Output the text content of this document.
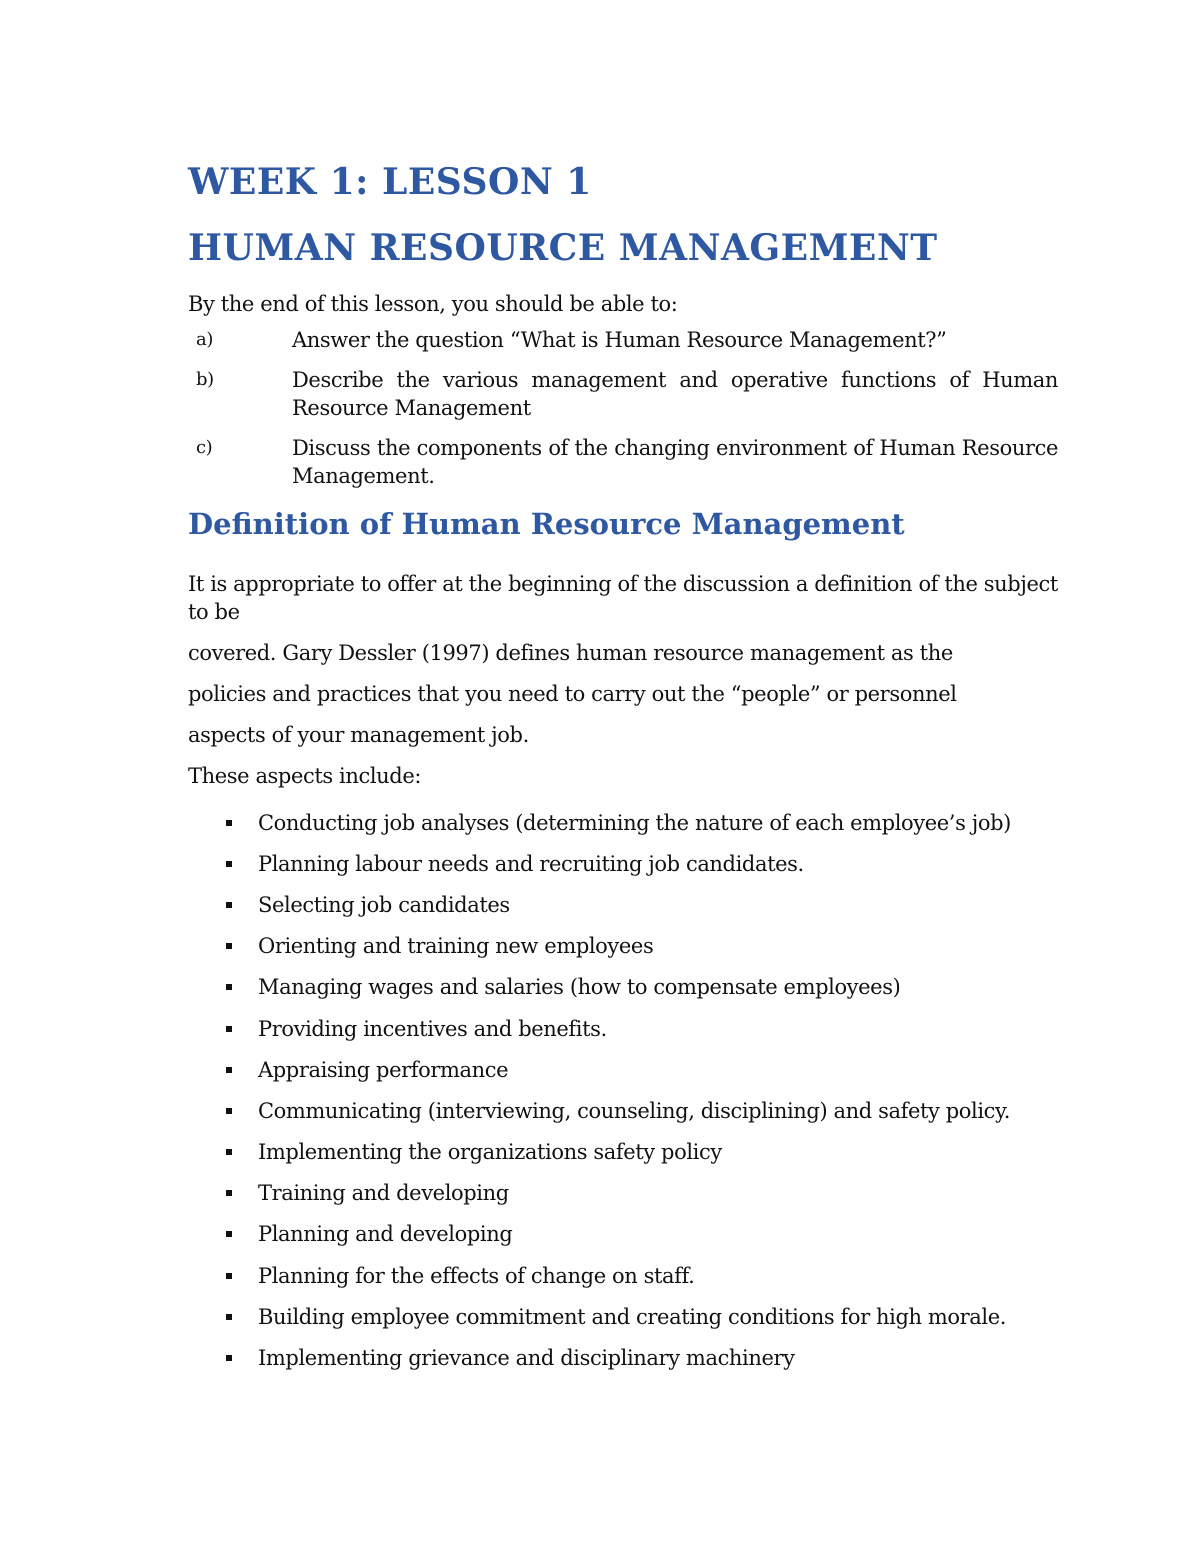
WEEK 1: LESSON 1
HUMAN RESOURCE MANAGEMENT

By the end of this lesson, you should be able to:

a)	Answer the question “What is Human Resource Management?”
b)	Describe the various management and operative functions of Human Resource Management
c)	Discuss the components of the changing environment of Human Resource Management.
Definition of Human Resource Management

It is appropriate to offer at the beginning of the discussion a definition of the subject to be

covered. Gary Dessler (1997) defines human resource management as the

policies and practices that you need to carry out the “people” or personnel

aspects of your management job.

These aspects include:

Conducting job analyses (determining the nature of each employee’s job)
Planning labour needs and recruiting job candidates.
Selecting job candidates
Orienting and training new employees
Managing wages and salaries (how to compensate employees)
Providing incentives and benefits.
Appraising performance
Communicating (interviewing, counseling, disciplining) and safety policy.
Implementing the organizations safety policy
Training and developing
Planning and developing
Planning for the effects of change on staff.
Building employee commitment and creating conditions for high morale.
Implementing grievance and disciplinary machinery
